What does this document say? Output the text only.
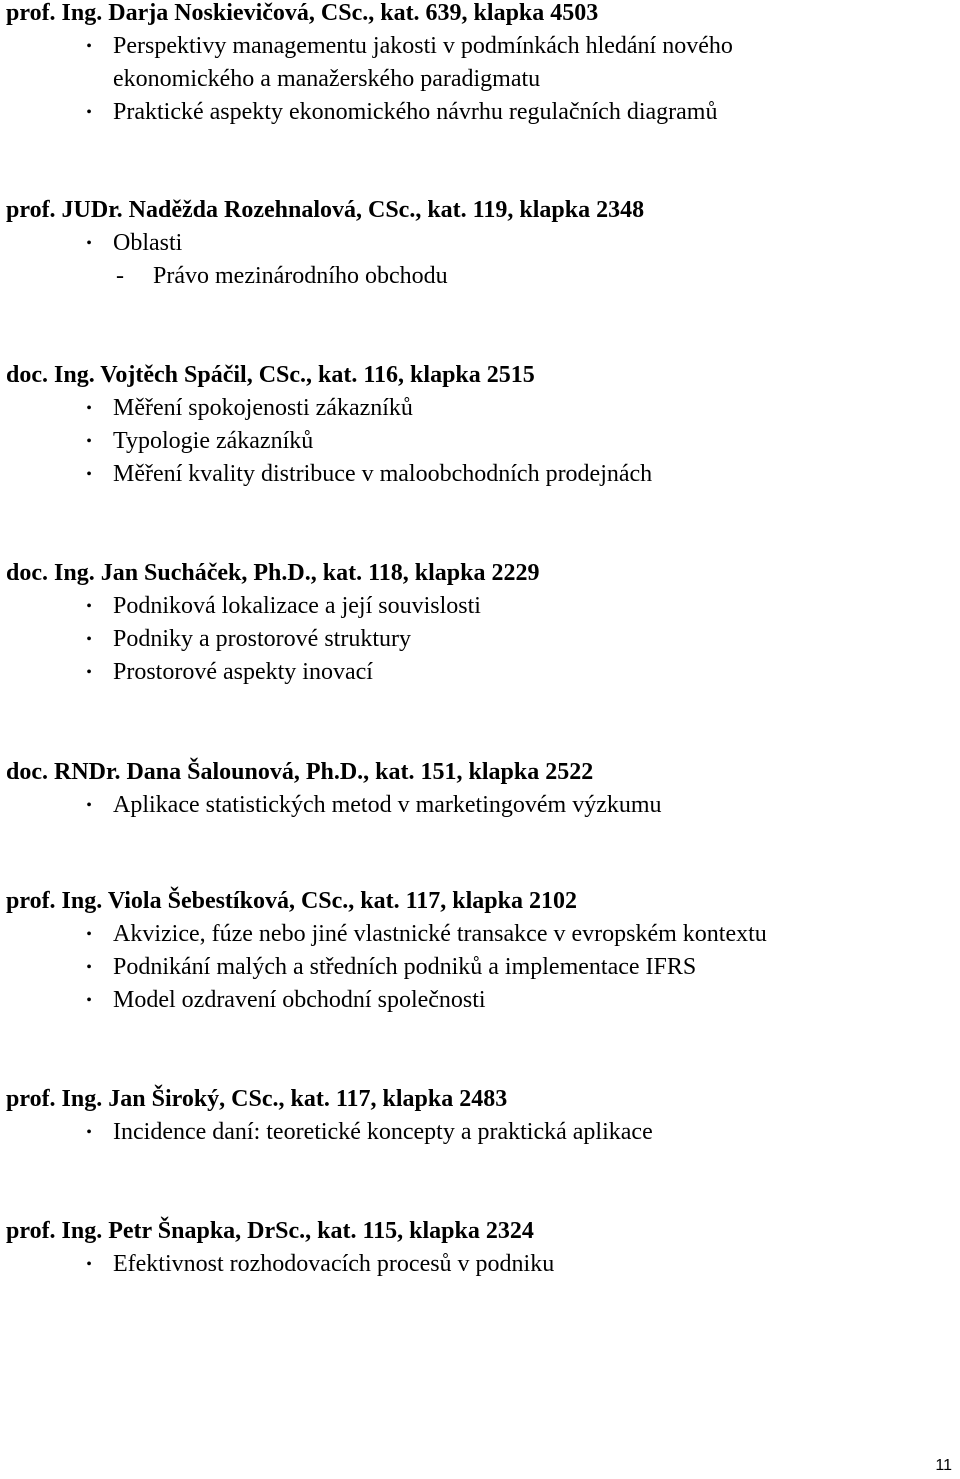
prof. Ing. Darja Noskievičová, CSc., kat. 639, klapka 4503

• Perspektivy managementu jakosti v podmínkách hledání nového
ekonomického a manažerského paradigmatu
• Praktické aspekty ekonomického návrhu regulačních diagramů

prof. JUDr. Naděžda Rozehnalová, CSc., kat. 119, klapka 2348

• Oblasti
- Právo mezinárodního obchodu

doc. Ing. Vojtěch Spáčil, CSc., kat. 116, klapka 2515

• Měření spokojenosti zákazníků
• Typologie zákazníků
• Měření kvality distribuce v maloobchodních prodejnách

doc. Ing. Jan Sucháček, Ph.D., kat. 118, klapka 2229

• Podniková lokalizace a její souvislosti
• Podniky a prostorové struktury
• Prostorové aspekty inovací

doc. RNDr. Dana Šalounová, Ph.D., kat. 151, klapka 2522

• Aplikace statistických metod v marketingovém výzkumu

prof. Ing. Viola Šebestíková, CSc., kat. 117, klapka 2102

• Akvizice, fúze nebo jiné vlastnické transakce v evropském kontextu
• Podnikání malých a středních podniků a implementace IFRS
• Model ozdravení obchodní společnosti

prof. Ing. Jan Široký, CSc., kat. 117, klapka 2483

• Incidence daní: teoretické koncepty a praktická aplikace

prof. Ing. Petr Šnapka, DrSc., kat. 115, klapka 2324

• Efektivnost rozhodovacích procesů v podniku
11
